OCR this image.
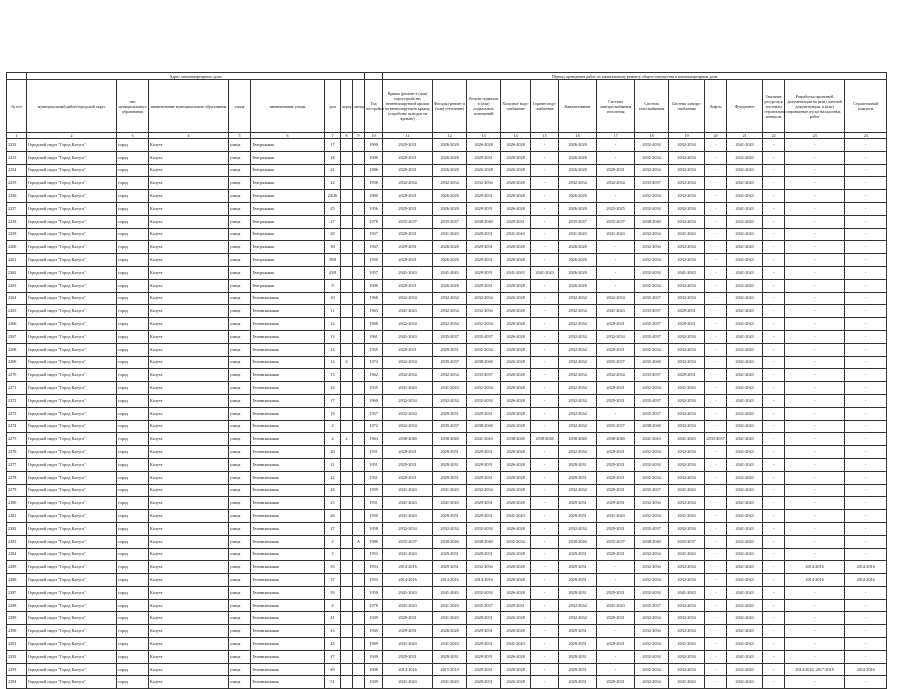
	Адрес многоквартирного дома									Период проведения работ по капитальному ремонту общего имущества в многоквартирном доме													
№ п/п	муниципальный район/городской округ	тип муниципального образования	наименование муниципального образования	улица	наименование улицы	дом	корпус	литера	Год постройки	Крыша (ремонт в (или) переустройство невентилируемой крыши на вентилируемую крышу, устройство выходов на кровлю)	Фасады (ремонт и (или) утепление)	Ремонт подвалов в (или) подвальных помещений	Холодное водо-снабжение	Горячее водо-снабжение	Канализование	Система электроснабжения отопления	Система газоснабжения	Система электро-снабжения	Лифты	Фундамент	Оказание ресурсов к системам строительного контроля	Разработка проектной документации на (или) сметной документации, в (или) проведение пуско-наладочных работ	Строительный контроль
1	2	3	4	5	6	7	8	9	10	11	12	13	14	15	16	17	18	19	20	21	22	23	24
2252	Городской округ "Город Калуга"	город	Калуга	улица	Театральная	17			1900	2029-2031	2026-2028	2026-2028	2026-2028	-	2026-2028	-	2032-2034	2032-2034	-	2041-2043	-	-	-
2253	Городской округ "Город Калуга"	город	Калуга	улица	Театральная	18			1900	2029-2031	2026-2028	2029-2031	2026-2028	-	2026-2028	-	2032-2034	2032-2034	-	2041-2043	-	-	-
2254	Городской округ "Город Калуга"	город	Калуга	улица	Театральная	21			1886	2029-2031	2026-2028	2026-2028	2026-2028	-	2026-2028	2029-2031	2032-2034	2032-2034	-	2041-2043	-	-	-
2255	Городской округ "Город Калуга"	город	Калуга	улица	Театральная	22			1958	2032-2034	2032-2034	2032-2034	2026-2028	-	2032-2034	2032-2034	2035-2037	2032-2034	-	2041-2043	-	-	-
2256	Городской округ "Город Калуга"	город	Калуга	улица	Театральная	24/26			1900	2029-2031	2026-2028	2029-2031	2026-2028	-	2026-2028	-	2032-2034	2032-2034	-	2041-2043	-	-	-
2257	Городской округ "Город Калуга"	город	Калуга	улица	Театральная	25			1956	2029-2031	2026-2028	2029-2031	2026-2028	-	2026-2028	2023-2025	2032-2034	2032-2034	-	2041-2043	-	-	-
2258	Городской округ "Город Калуга"	город	Калуга	улица	Театральная	27			1978	2035-2037	2035-2037	2038-2040	2029-2031	-	2035-2037	2035-2037	2038-2040	2032-2034	-	2041-2043	-	-	-
2259	Городской округ "Город Калуга"	город	Калуга	улица	Театральная	29			1937	2029-2031	2041-2043	2029-2031	2041-2043	-	2041-2043	2041-2043	2032-2034	2041-2043	-	2041-2043	-	-	-
2260	Городской округ "Город Калуга"	город	Калуга	улица	Театральная	30			1947	2029-2031	2026-2028	2029-2031	2026-2028	-	2026-2028	-	2032-2034	2032-2034	-	2041-2043	-	-	-
2261	Городской округ "Город Калуга"	город	Калуга	улица	Театральная	39/8			1950	2029-2031	2026-2028	2029-2031	2026-2028	-	2026-2028	-	2032-2034	2032-2034	-	2041-2043	-	-	-
2262	Городской округ "Город Калуга"	город	Калуга	улица	Театральная	43/8			1957	2041-2043	2041-2043	2029-2031	2041-2043	2041-2043	2026-2028	-	2032-2034	2041-2043	-	2041-2043	-	-	-
2263	Городской округ "Город Калуга"	город	Калуга	улица	Театральная	9			1900	2029-2031	2026-2028	2029-2031	2026-2028	-	2026-2028	-	2032-2034	2032-2034	-	2041-2043	-	-	-
2264	Городской округ "Город Калуга"	город	Калуга	улица	Телевизионная	10			1968	2032-2034	2032-2034	2032-2034	2026-2028	-	2032-2034	2032-2034	2035-2037	2032-2034	-	2041-2043	-	-	-
2265	Городской округ "Город Калуга"	город	Калуга	улица	Телевизионная	11			1963	2041-2043	2032-2034	2032-2034	2026-2028	-	2032-2034	2041-2043	2035-2037	2029-2031	-	2041-2043	-	-	-
2266	Городской округ "Город Калуга"	город	Калуга	улица	Телевизионная	12			1968	2032-2034	2032-2034	2032-2034	2026-2028	-	2032-2034	2029-2031	2035-2037	2029-2031	-	2041-2043	-	-	-
2267	Городской округ "Город Калуга"	город	Калуга	улица	Телевизионная	13			1961	2041-2043	2035-2037	2035-2037	2026-2028	-	2032-2034	2032-2034	2035-2037	2032-2034	-	2041-2043	-	-	-
2268	Городской округ "Город Калуга"	город	Калуга	улица	Телевизионная	14			1955	2029-2031	2029-2031	2032-2034	2026-2028	-	2032-2034	2029-2031	2032-2034	2032-2034	-	2041-2043	-	-	-
2269	Городской округ "Город Калуга"	город	Калуга	улица	Телевизионная	14	4		1974	2032-2034	2035-2037	2038-2040	2026-2028	-	2032-2034	2035-2037	2035-2040	2032-2034	-	2041-2043	-	-	-
2270	Городской округ "Город Калуга"	город	Калуга	улица	Телевизионная	15			1962	2032-2034	2032-2034	2035-2037	2026-2028	-	2032-2034	2032-2034	2035-2037	2029-2031	-	2041-2043	-	-	-
2271	Городской округ "Город Калуга"	город	Калуга	улица	Телевизионная	16			1935	2041-2043	2041-2043	2032-2034	2026-2028	-	2032-2034	2029-2031	2032-2034	2041-2043	-	2041-2043	-	-	-
2272	Городской округ "Город Калуга"	город	Калуга	улица	Телевизионная	17			1960	2032-2034	2032-2034	2032-2034	2026-2028	-	2032-2034	2029-2031	2035-2037	2032-2034	-	2041-2043	-	-	-
2273	Городской округ "Город Калуга"	город	Калуга	улица	Телевизионная	19			1957	2032-2034	2029-2031	2029-2031	2026-2028	-	2032-2034	-	2035-2037	2032-2034	-	2041-2043	-	-	-
2274	Городской округ "Город Калуга"	город	Калуга	улица	Телевизионная	2			1972	2032-2034	2035-2037	2038-2040	2026-2028	-	2032-2034	2035-2037	2038-2040	2032-2034	-	2041-2043	-	-	-
2275	Городской округ "Город Калуга"	город	Калуга	улица	Телевизионная	2	2		1964	2038-2040	2038-2040	2041-2043	2038-2040	2038-2040	2038-2040	2038-2040	2041-2043	2041-2043	2035-2037	2041-2043	-	-	-
2276	Городской округ "Город Калуга"	город	Калуга	улица	Телевизионная	20			1951	2029-2031	2029-2031	2029-2031	2026-2028	-	2032-2034	2029-2031	2032-2034	2032-2034	-	2041-2043	-	-	-
2277	Городской округ "Город Калуга"	город	Калуга	улица	Телевизионная	21			1951	2029-2031	2029-2031	2029-2031	2026-2028	-	2029-2031	2029-2031	2032-2034	2032-2034	-	2041-2043	-	-	-
2278	Городской округ "Город Калуга"	город	Калуга	улица	Телевизионная	22			1951	2029-2031	2029-2031	2029-2031	2026-2028	-	2029-2031	2029-2031	2032-2034	2032-2034	-	2041-2043	-	-	-
2279	Городской округ "Город Калуга"	город	Калуга	улица	Телевизионная	23			1959	2041-2043	2041-2043	2032-2034	2026-2028	-	2032-2034	2029-2031	2035-2037	2041-2043	-	2041-2043	-	-	-
2280	Городской округ "Город Калуга"	город	Калуга	улица	Телевизионная	25			1951	2041-2043	2041-2043	2029-2031	2026-2028	-	2029-2031	2029-2031	2032-2034	2032-2034	-	2041-2043	-	-	-
2281	Городской округ "Город Калуга"	город	Калуга	улица	Телевизионная	26			1950	2041-2043	2029-2031	2029-2031	2041-2043	-	2029-2031	2041-2043	2032-2034	2041-2043	-	2041-2043	-	-	-
2282	Городской округ "Город Калуга"	город	Калуга	улица	Телевизионная	27			1958	2032-2034	2032-2034	2032-2034	2026-2028	-	2032-2034	2029-2031	2035-2037	2032-2034	-	2041-2043	-	-	-
2283	Городской округ "Город Калуга"	город	Калуга	улица	Телевизионная	2		А	1980	2035-2037	2038-2040	2038-2040	2032-2034	-	2038-2040	2035-2037	2038-2040	2035-2037	-	2041-2043	-	-	-
2284	Городской округ "Город Калуга"	город	Калуга	улица	Телевизионная	3			1953	2041-2043	2029-2031	2029-2031	2026-2028	-	2029-2031	2029-2031	2032-2034	2041-2043	-	2041-2043	-	-	-
2285	Городской округ "Город Калуга"	город	Калуга	улица	Телевизионная	35			1954	2014-2016	2029-2031	2032-2034	2026-2028	-	2029-2031	-	2032-2034	2032-2034	-	2041-2043	-	2014-2016	2014-2016
2286	Городской округ "Город Калуга"	город	Калуга	улица	Телевизионная	37			1953	2014-2016	2014-2016	2014-2016	2026-2028	-	2029-2031	-	2032-2034	2032-2034	-	2041-2043	-	2014-2016	2014-2016
2287	Городской округ "Город Калуга"	город	Калуга	улица	Телевизионная	39			1950	2041-2043	2041-2043	2032-2034	2026-2028	-	2029-2031	2029-2031	2032-2034	2041-2043	-	2041-2043	-	-	-
2288	Городской округ "Город Калуга"	город	Калуга	улица	Телевизионная	4			1978	2041-2043	2041-2043	2035-2037	2029-2031	-	2032-2034	2041-2043	2035-2037	2032-2034	-	2041-2043	-	-	-
2289	Городской округ "Город Калуга"	город	Калуга	улица	Телевизионная	41			1949	2029-2031	2041-2043	2029-2031	2026-2028	-	2032-2034	2029-2031	2032-2034	2032-2034	-	2041-2043	-	-	-
2290	Городской округ "Город Калуга"	город	Калуга	улица	Телевизионная	43			1949	2029-2031	2026-2028	2029-2031	2026-2028	-	2029-2031	-	2032-2034	2032-2034	-	2041-2043	-	-	-
2291	Городской округ "Город Калуга"	город	Калуга	улица	Телевизионная	45			1969	2041-2043	2041-2043	2029-2031	2041-2043	-	2029-2031	2029-2031	2032-2034	2041-2043	-	2041-2043	-	-	-
2292	Городской округ "Город Калуга"	город	Калуга	улица	Телевизионная	47			1949	2029-2031	2029-2031	2029-2031	2026-2028	-	2029-2031	-	2032-2034	2032-2034	-	2041-2043	-	-	-
2293	Городской округ "Город Калуга"	город	Калуга	улица	Телевизионная	49			1908	2014-2016	2015-2019	2029-2031	2026-2028	-	2029-2031	-	2032-2034	2032-2034	-	2041-2043	-	2014-2016, 2017-2019	2014-2016
2294	Городской округ "Город Калуга"	город	Калуга	улица	Телевизионная	51			1949	2041-2043	2041-2043	2029-2031	2026-2028	-	2029-2031	2029-2031	2032-2034	2041-2043	-	2041-2043	-	-	-
